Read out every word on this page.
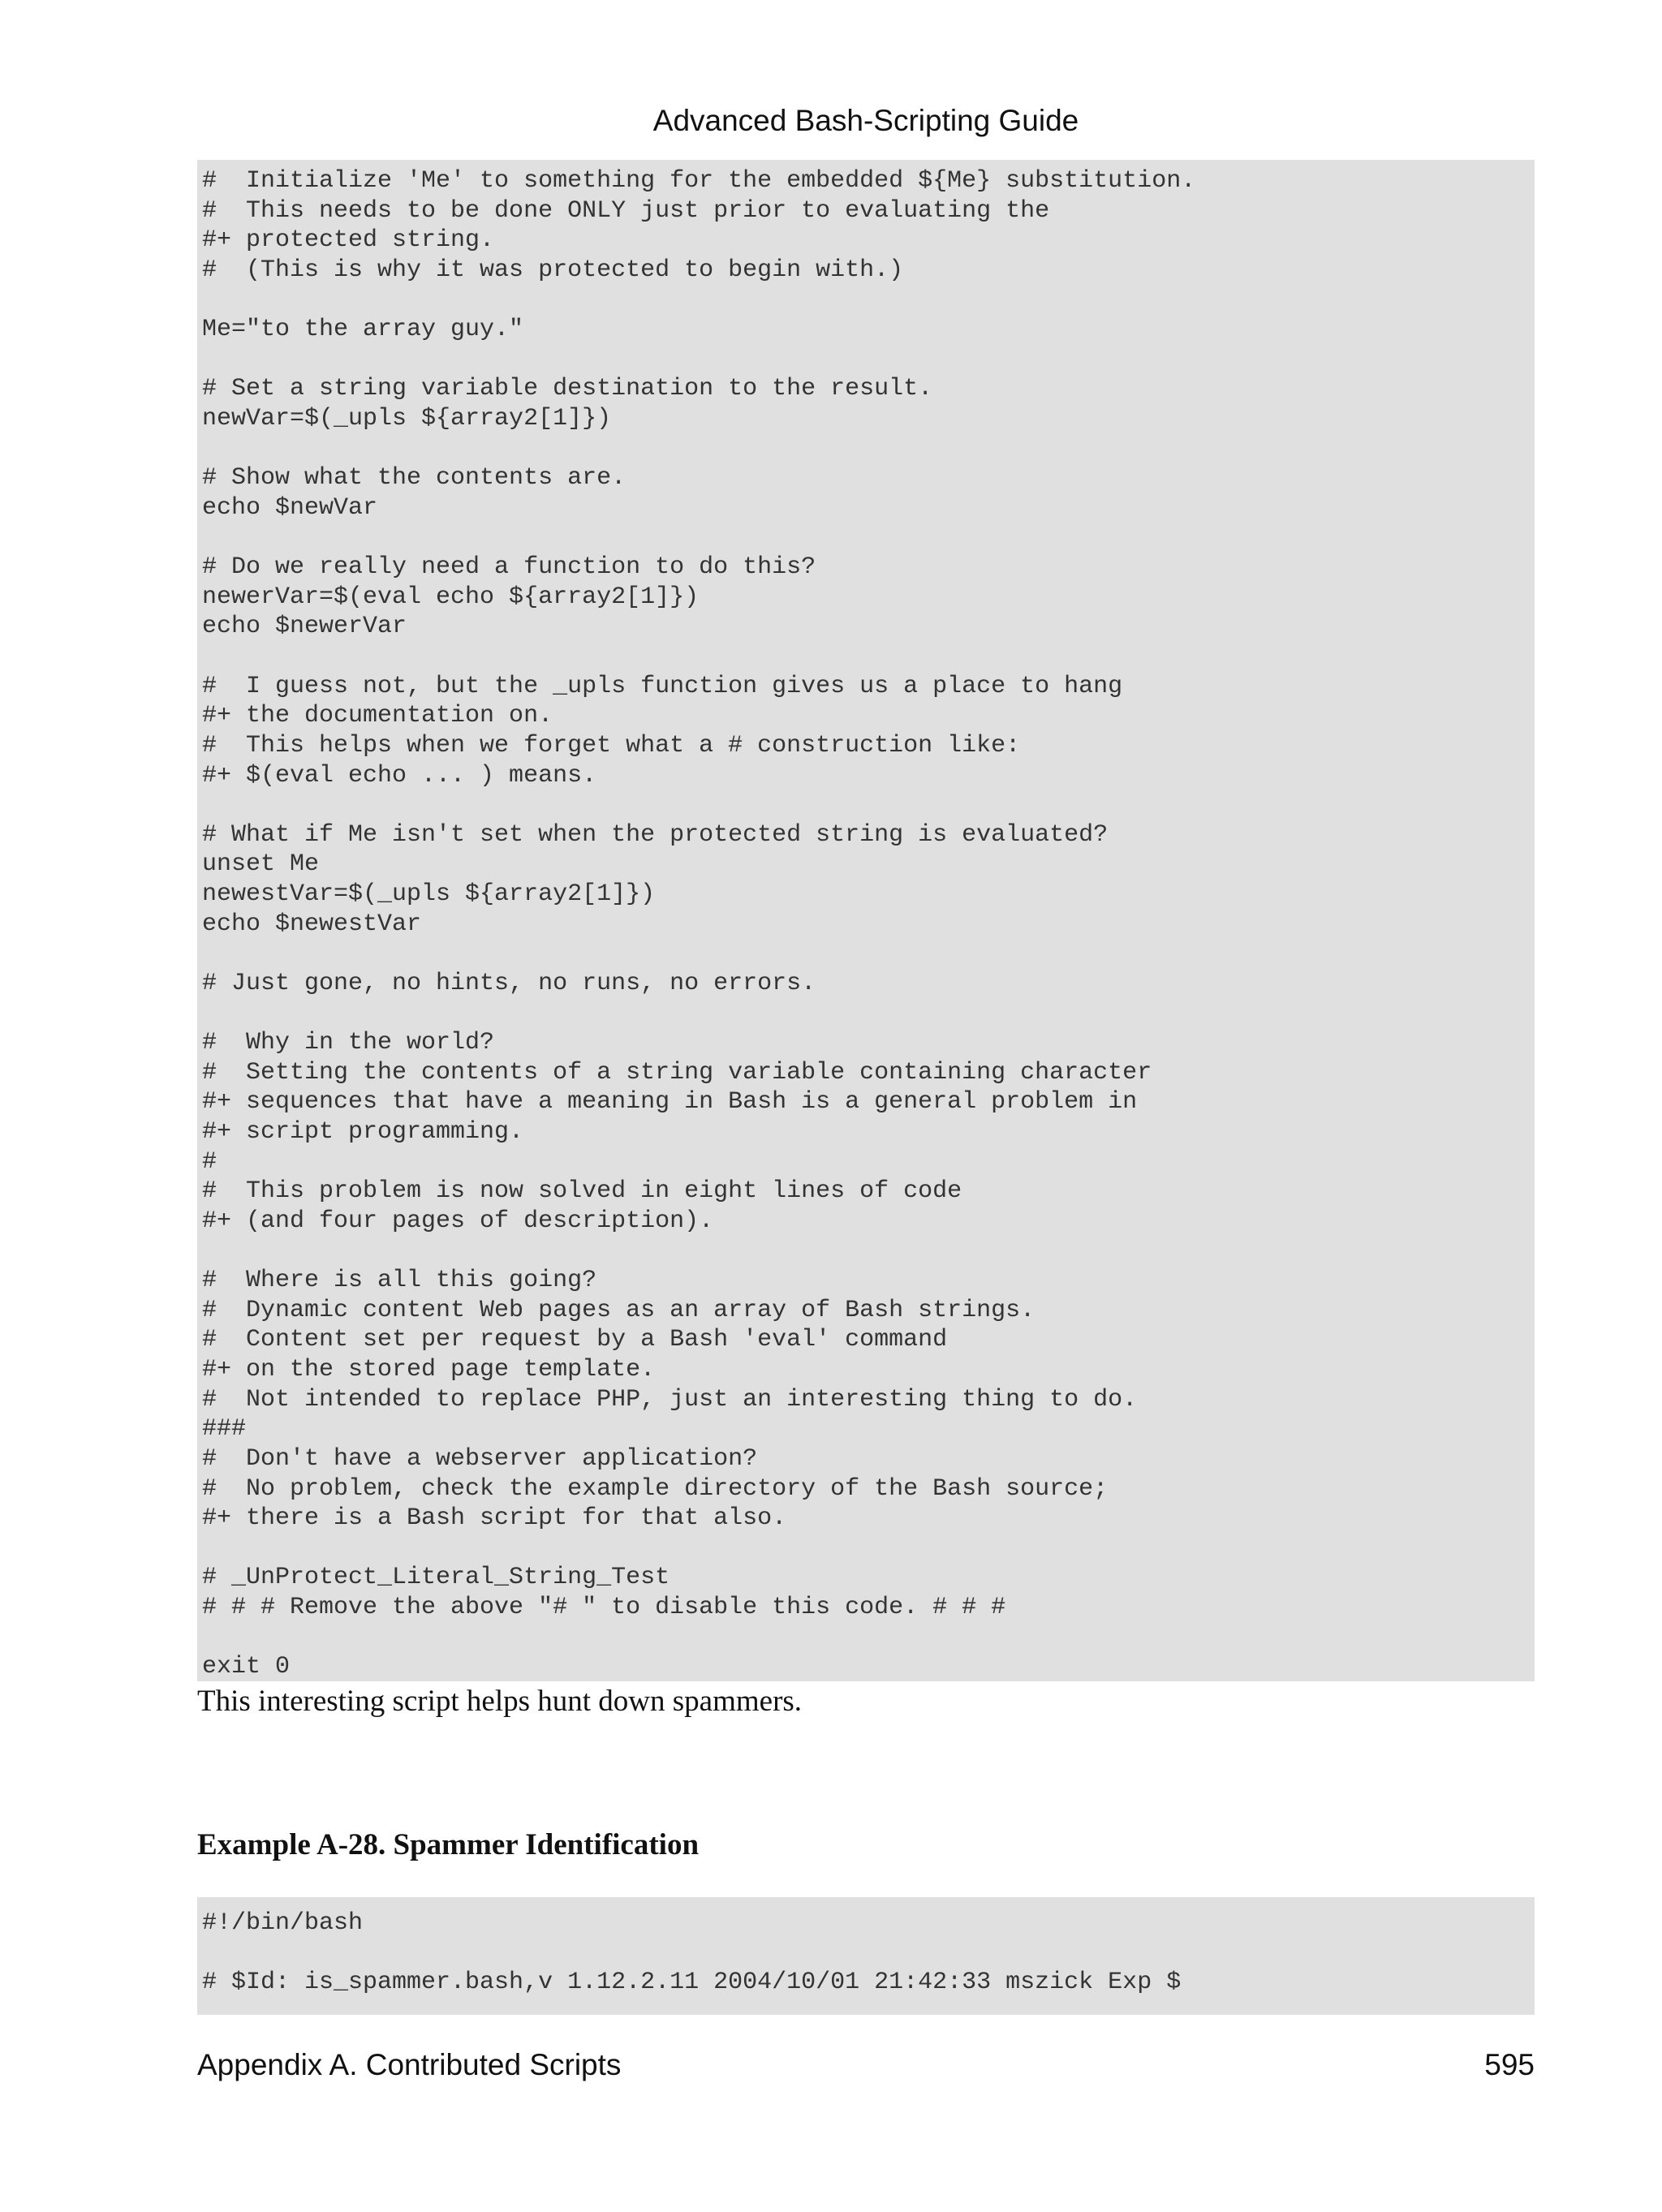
Advanced Bash-Scripting Guide
#  Initialize 'Me' to something for the embedded ${Me} substitution.
#  This needs to be done ONLY just prior to evaluating the
#+ protected string.
#  (This is why it was protected to begin with.)

Me="to the array guy."

# Set a string variable destination to the result.
newVar=$(_upls ${array2[1]})

# Show what the contents are.
echo $newVar

# Do we really need a function to do this?
newerVar=$(eval echo ${array2[1]})
echo $newerVar

#  I guess not, but the _upls function gives us a place to hang
#+ the documentation on.
#  This helps when we forget what a # construction like:
#+ $(eval echo ... ) means.

# What if Me isn't set when the protected string is evaluated?
unset Me
newestVar=$(_upls ${array2[1]})
echo $newestVar

# Just gone, no hints, no runs, no errors.

#  Why in the world?
#  Setting the contents of a string variable containing character
#+ sequences that have a meaning in Bash is a general problem in
#+ script programming.
#
#  This problem is now solved in eight lines of code
#+ (and four pages of description).

#  Where is all this going?
#  Dynamic content Web pages as an array of Bash strings.
#  Content set per request by a Bash 'eval' command
#+ on the stored page template.
#  Not intended to replace PHP, just an interesting thing to do.
###
#  Don't have a webserver application?
#  No problem, check the example directory of the Bash source;
#+ there is a Bash script for that also.

# _UnProtect_Literal_String_Test
# # # Remove the above "# " to disable this code. # # #

exit 0
This interesting script helps hunt down spammers.
Example A-28. Spammer Identification
#!/bin/bash

# $Id: is_spammer.bash,v 1.12.2.11 2004/10/01 21:42:33 mszick Exp $
Appendix A. Contributed Scripts	595
